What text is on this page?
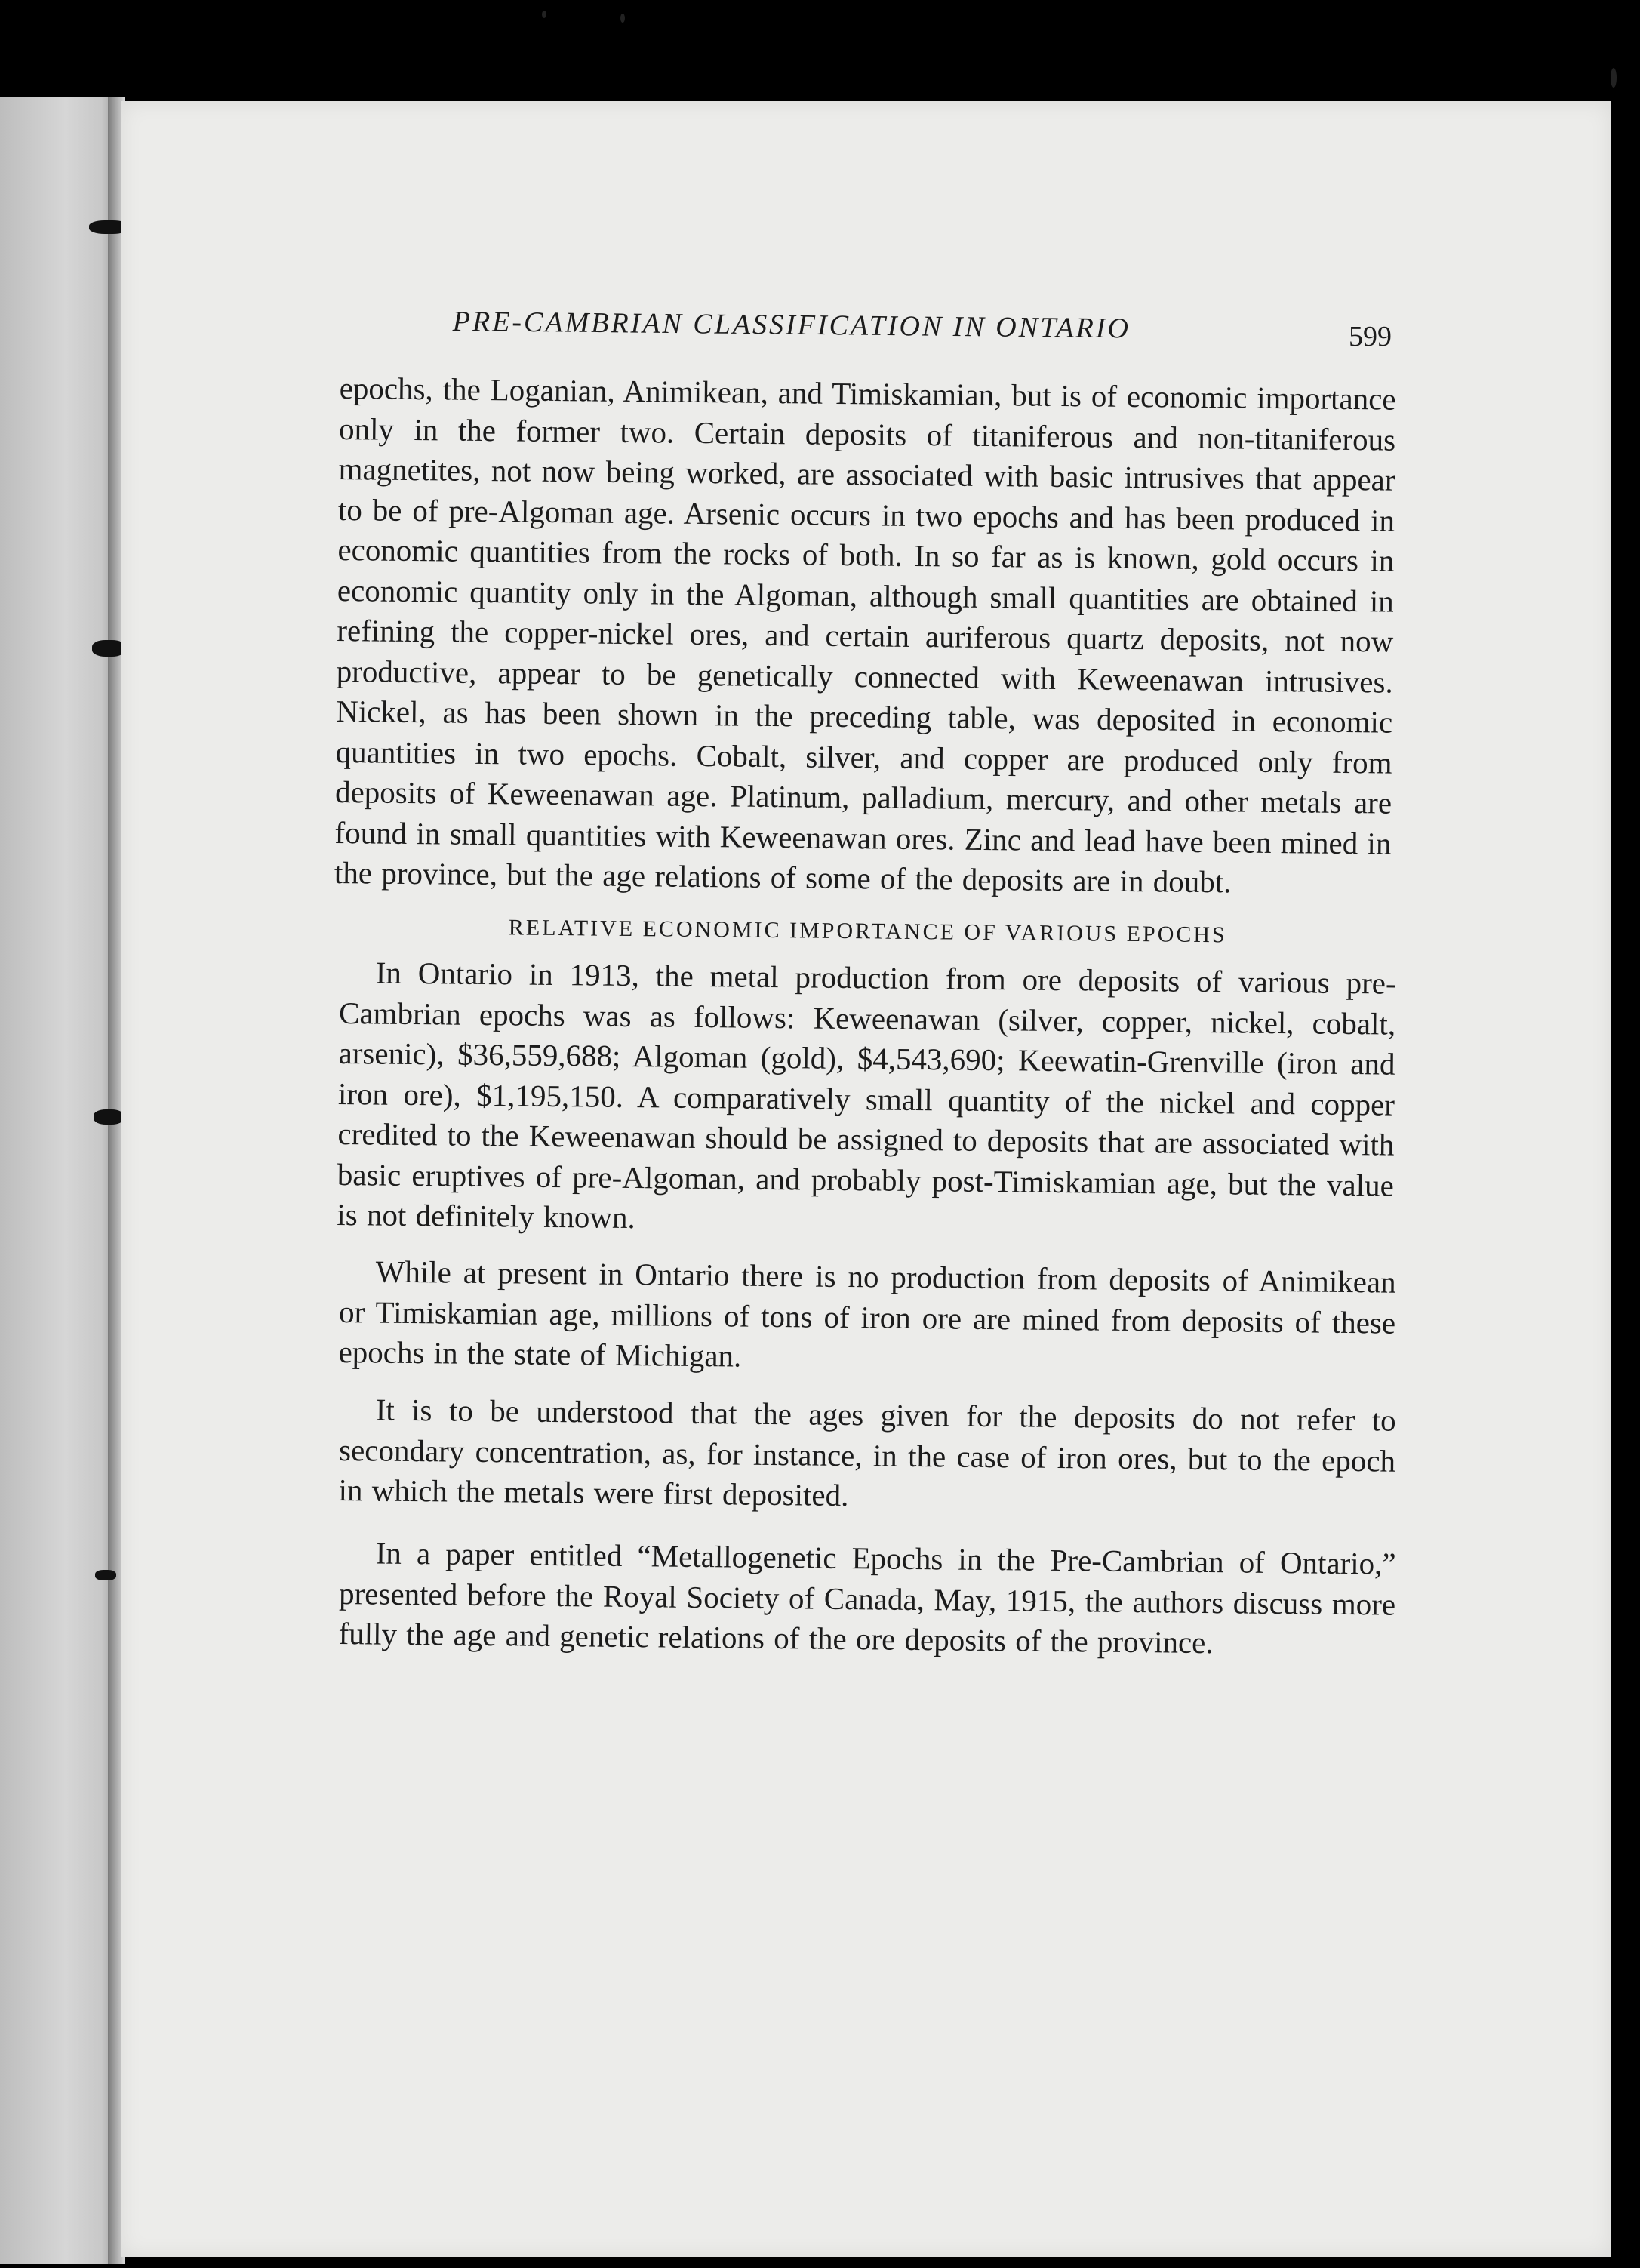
PRE-CAMBRIAN CLASSIFICATION IN ONTARIO	599

epochs, the Loganian, Animikean, and Timiskamian, but is of economic importance only in the former two. Certain deposits of titaniferous and non-titaniferous magnetites, not now being worked, are associated with basic intrusives that appear to be of pre-Algoman age. Arsenic occurs in two epochs and has been produced in economic quantities from the rocks of both. In so far as is known, gold occurs in economic quantity only in the Algoman, although small quantities are obtained in refining the copper-nickel ores, and certain auriferous quartz deposits, not now productive, appear to be genetically connected with Keweenawan intrusives. Nickel, as has been shown in the preceding table, was deposited in economic quantities in two epochs. Cobalt, silver, and copper are produced only from deposits of Keweenawan age. Platinum, palladium, mercury, and other metals are found in small quantities with Keweenawan ores. Zinc and lead have been mined in the province, but the age relations of some of the deposits are in doubt.

RELATIVE ECONOMIC IMPORTANCE OF VARIOUS EPOCHS

In Ontario in 1913, the metal production from ore deposits of various pre-Cambrian epochs was as follows: Keweenawan (silver, copper, nickel, cobalt, arsenic), $36,559,688; Algoman (gold), $4,543,690; Keewatin-Grenville (iron and iron ore), $1,195,150. A comparatively small quantity of the nickel and copper credited to the Keweenawan should be assigned to deposits that are associated with basic eruptives of pre-Algoman, and probably post-Timiskamian age, but the value is not definitely known.

While at present in Ontario there is no production from deposits of Animikean or Timiskamian age, millions of tons of iron ore are mined from deposits of these epochs in the state of Michigan.

It is to be understood that the ages given for the deposits do not refer to secondary concentration, as, for instance, in the case of iron ores, but to the epoch in which the metals were first deposited.

In a paper entitled “Metallogenetic Epochs in the Pre-Cambrian of Ontario,” presented before the Royal Society of Canada, May, 1915, the authors discuss more fully the age and genetic relations of the ore deposits of the province.
